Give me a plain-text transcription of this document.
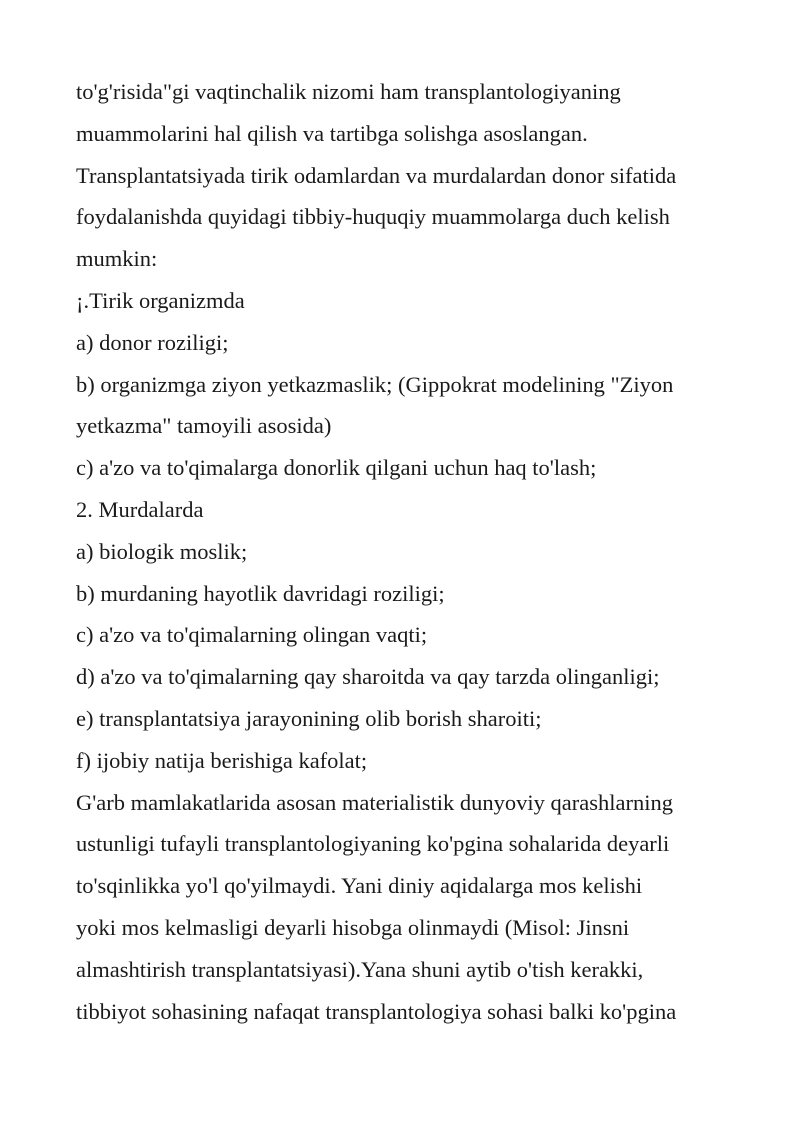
to'g'risida"gi vaqtinchalik nizomi ham transplantologiyaning
muammolarini hal qilish va tartibga solishga asoslangan.
Transplantatsiyada tirik odamlardan va murdalardan donor sifatida
foydalanishda quyidagi tibbiy-huquqiy muammolarga duch kelish
mumkin:
¡.Tirik organizmda
a) donor roziligi;
b) organizmga ziyon yetkazmaslik; (Gippokrat modelining "Ziyon
yetkazma" tamoyili asosida)
c) a'zo va to'qimalarga donorlik qilgani uchun haq to'lash;
2. Murdalarda
a) biologik moslik;
b) murdaning hayotlik davridagi roziligi;
c) a'zo va to'qimalarning olingan vaqti;
d) a'zo va to'qimalarning qay sharoitda va qay tarzda olinganligi;
e) transplantatsiya jarayonining olib borish sharoiti;
f) ijobiy natija berishiga kafolat;
G'arb mamlakatlarida asosan materialistik dunyoviy qarashlarning
ustunligi tufayli transplantologiyaning ko'pgina sohalarida deyarli
to'sqinlikka yo'l qo'yilmaydi. Yani diniy aqidalarga mos kelishi
yoki mos kelmasligi deyarli hisobga olinmaydi (Misol: Jinsni
almashtirish transplantatsiyasi).Yana shuni aytib o'tish kerakki,
tibbiyot sohasining nafaqat transplantologiya sohasi balki ko'pgina
